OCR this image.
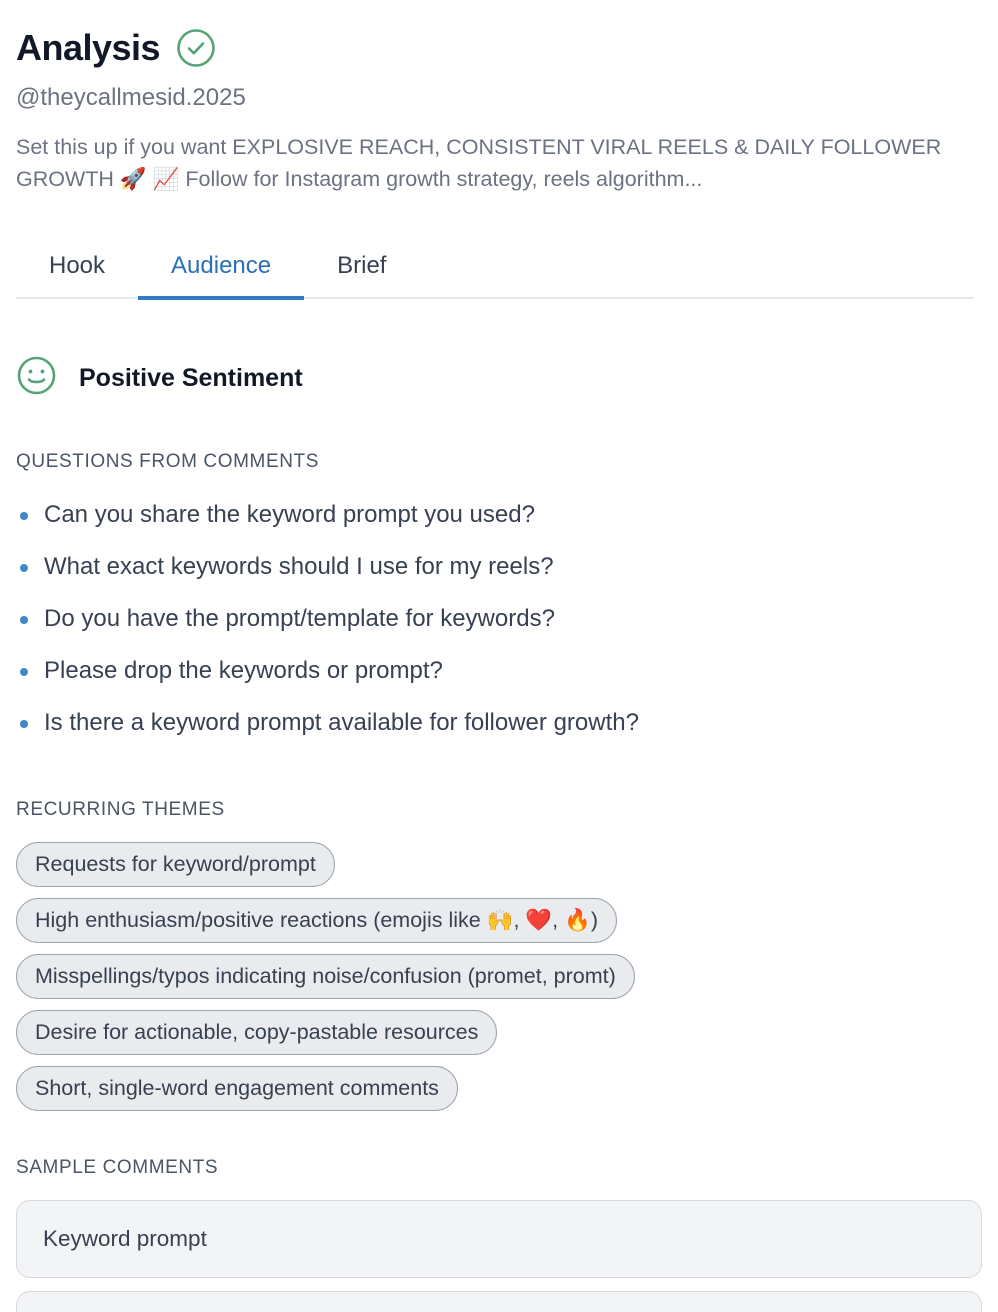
Analysis
@theycallmesid.2025
Set this up if you want EXPLOSIVE REACH, CONSISTENT VIRAL REELS & DAILY FOLLOWER GROWTH 🚀 📈 Follow for Instagram growth strategy, reels algorithm...
Hook	Audience	Brief
Positive Sentiment
QUESTIONS FROM COMMENTS
Can you share the keyword prompt you used?
What exact keywords should I use for my reels?
Do you have the prompt/template for keywords?
Please drop the keywords or prompt?
Is there a keyword prompt available for follower growth?
RECURRING THEMES
Requests for keyword/prompt
High enthusiasm/positive reactions (emojis like 🙌, ❤️, 🔥)
Misspellings/typos indicating noise/confusion (promet, promt)
Desire for actionable, copy-pastable resources
Short, single-word engagement comments
SAMPLE COMMENTS
Keyword prompt
